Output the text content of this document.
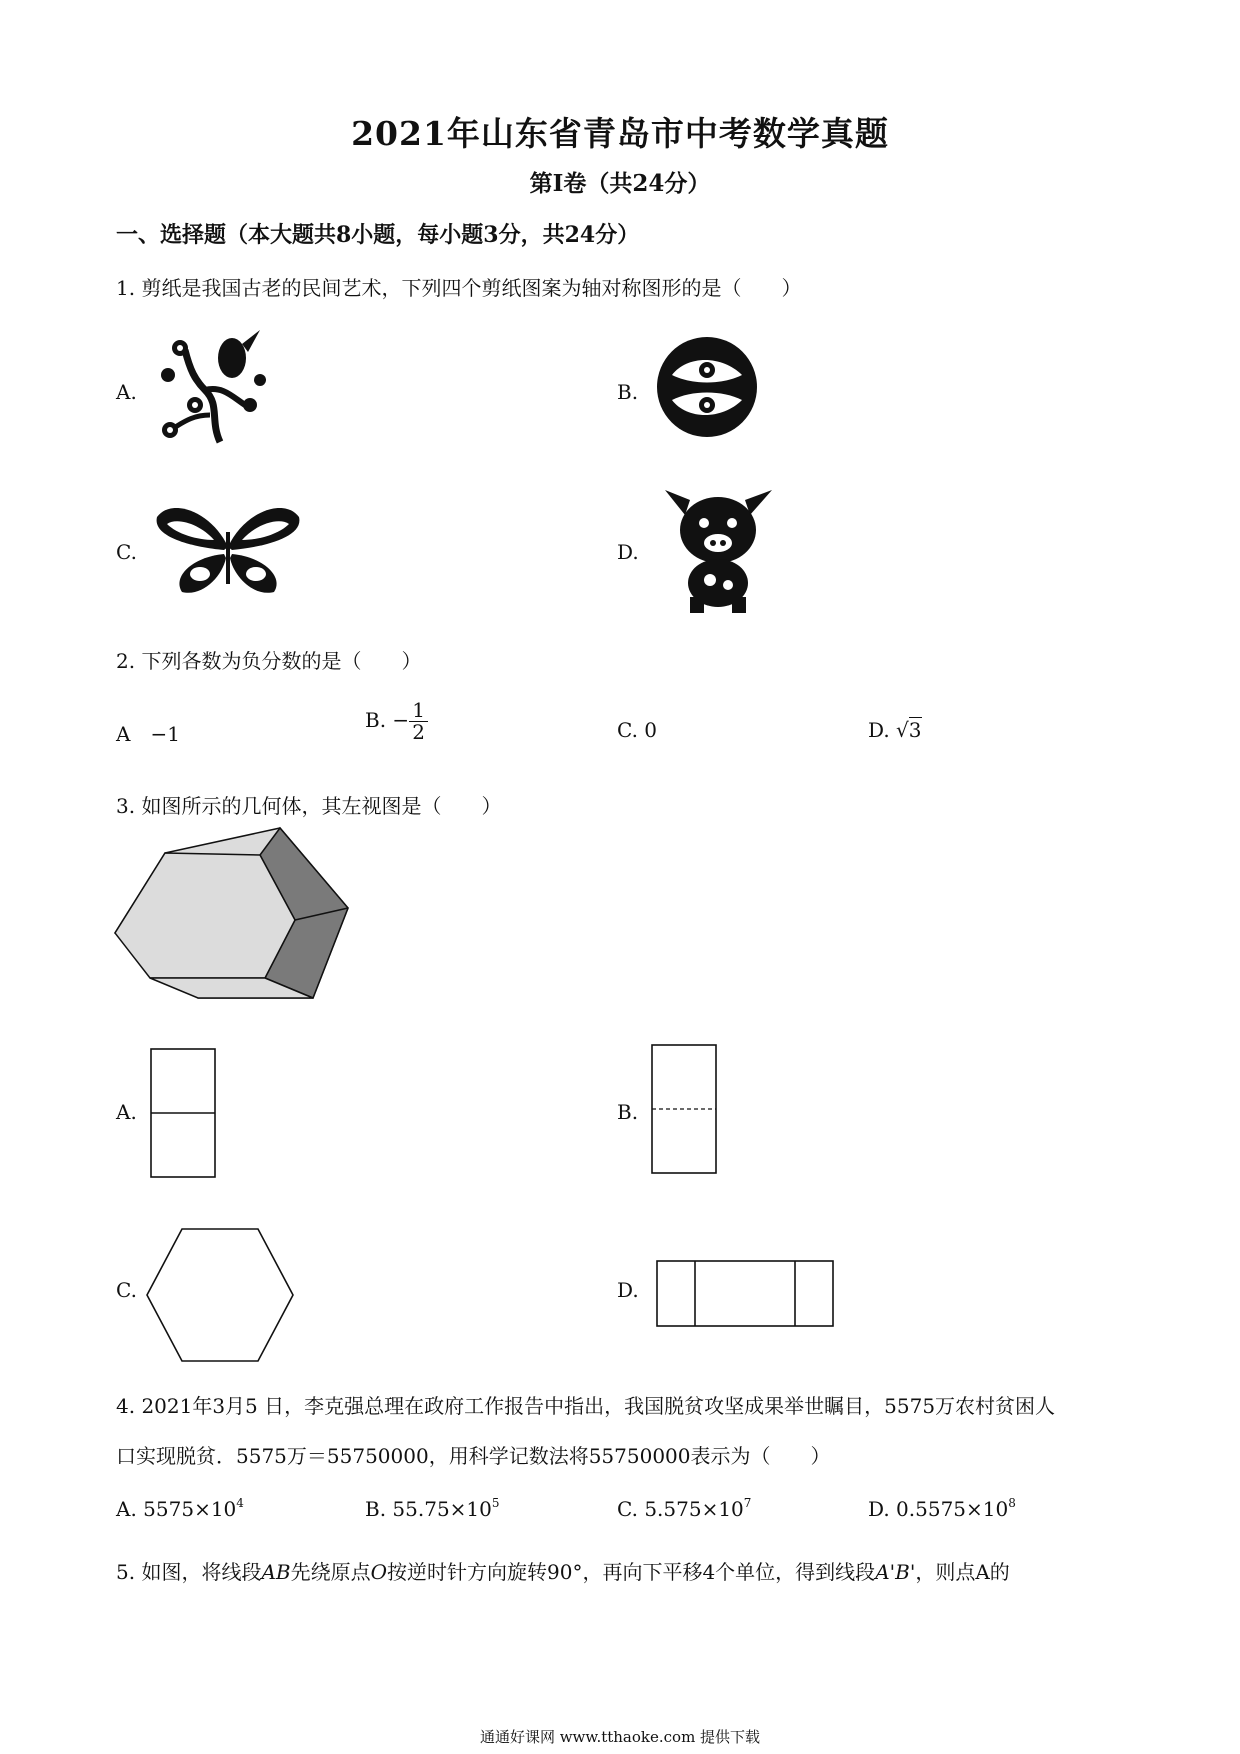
2021年山东省青岛市中考数学真题
第Ⅰ卷（共24分）
一、选择题（本大题共8小题，每小题3分，共24分）
1. 剪纸是我国古老的民间艺术，下列四个剪纸图案为轴对称图形的是（　　）
A.	B.
C.	D.
2. 下列各数为负分数的是（　　）
A　−1
B. − $\frac{1}{2}$	C. 0	D. √3
3. 如图所示的几何体，其左视图是（　　）
A.	B.
C.	D.
4. 2021年3月5 日，李克强总理在政府工作报告中指出，我国脱贫攻坚成果举世瞩目，5575万农村贫困人
口实现脱贫．5575万＝55750000，用科学记数法将55750000表示为（　　）
A. $5575\times 10^4$	B. $55.75\times 10^5$	C. $5.575\times 10^7$	D. $0.5575\times 10^8$
5. 如图，将线段AB先绕原点O按逆时针方向旋转90°，再向下平移4个单位，得到线段A'B'，则点A的
通通好课网 www.tthaoke.com 提供下载
